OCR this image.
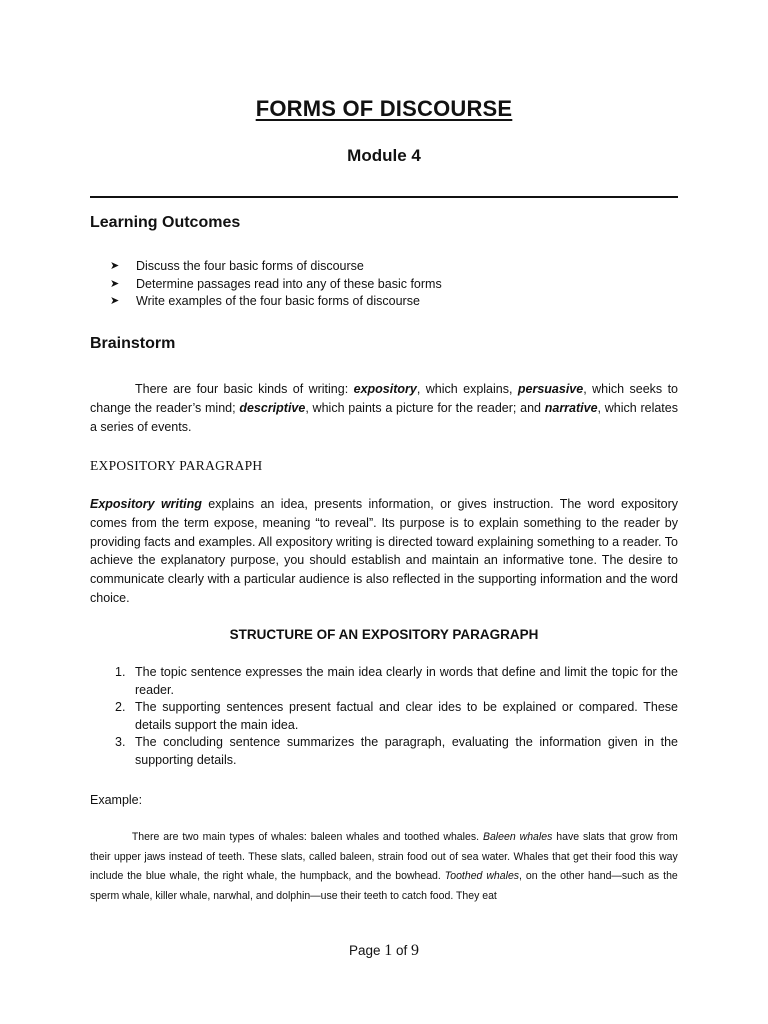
FORMS OF DISCOURSE
Module 4
Learning Outcomes
➤	Discuss the four basic forms of discourse
➤	Determine passages read into any of these basic forms
➤	Write examples of the four basic forms of discourse
Brainstorm

There are four basic kinds of writing: expository, which explains, persuasive, which seeks to change the reader’s mind; descriptive, which paints a picture for the reader; and narrative, which relates a series of events.

EXPOSITORY PARAGRAPH

Expository writing explains an idea, presents information, or gives instruction. The word expository comes from the term expose, meaning “to reveal”. Its purpose is to explain something to the reader by providing facts and examples. All expository writing is directed toward explaining something to a reader. To achieve the explanatory purpose, you should establish and maintain an informative tone. The desire to communicate clearly with a particular audience is also reflected in the supporting information and the word choice.

STRUCTURE OF AN EXPOSITORY PARAGRAPH
1. The topic sentence expresses the main idea clearly in words that define and limit the topic for the reader.
2. The supporting sentences present factual and clear ides to be explained or compared. These details support the main idea.
3. The concluding sentence summarizes the paragraph, evaluating the information given in the supporting details.
Example:

There are two main types of whales: baleen whales and toothed whales. Baleen whales have slats that grow from their upper jaws instead of teeth. These slats, called baleen, strain food out of sea water. Whales that get their food this way include the blue whale, the right whale, the humpback, and the bowhead. Toothed whales, on the other hand—such as the sperm whale, killer whale, narwhal, and dolphin—use their teeth to catch food. They eat

Page 1 of 9
